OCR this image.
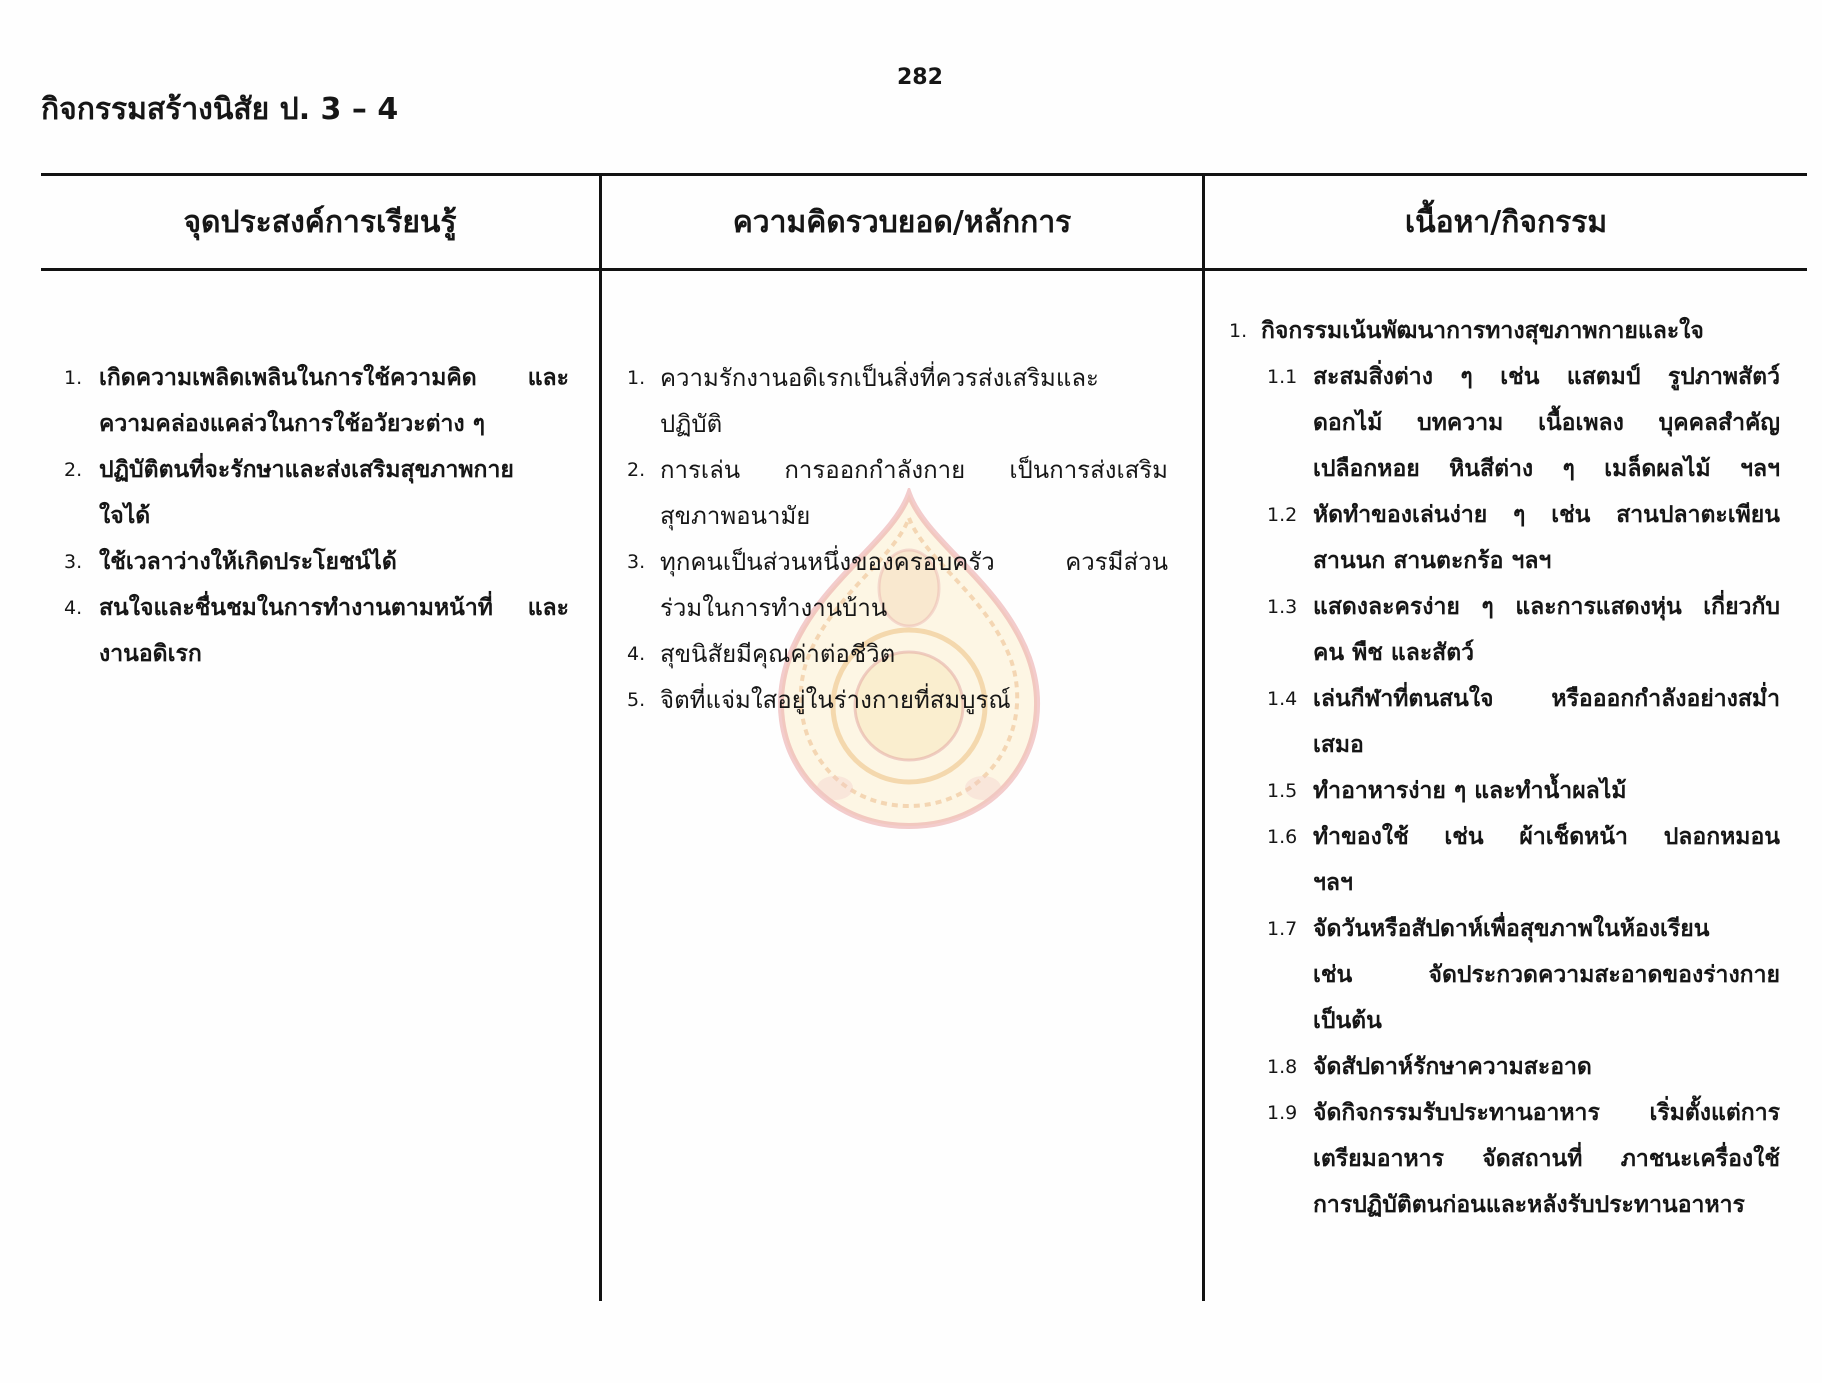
282
กิจกรรมสร้างนิสัย ป. 3 – 4
จุดประสงค์การเรียนรู้	ความคิดรวบยอด/หลักการ	เนื้อหา/กิจกรรม
1. เกิดความเพลิดเพลินในการใช้ความคิด และ
ความคล่องแคล่วในการใช้อวัยวะต่าง ๆ
2. ปฏิบัติตนที่จะรักษาและส่งเสริมสุขภาพกาย
ใจได้
3. ใช้เวลาว่างให้เกิดประโยชน์ได้
4. สนใจและชื่นชมในการทำงานตามหน้าที่ และ
งานอดิเรก
1. ความรักงานอดิเรกเป็นสิ่งที่ควรส่งเสริมและ
ปฏิบัติ
2. การเล่น การออกกำลังกาย เป็นการส่งเสริม
สุขภาพอนามัย
3. ทุกคนเป็นส่วนหนึ่งของครอบครัว ควรมีส่วน
ร่วมในการทำงานบ้าน
4. สุขนิสัยมีคุณค่าต่อชีวิต
5. จิตที่แจ่มใสอยู่ในร่างกายที่สมบูรณ์
1. กิจกรรมเน้นพัฒนาการทางสุขภาพกายและใจ
1.1 สะสมสิ่งต่าง ๆ เช่น แสตมป์ รูปภาพสัตว์
ดอกไม้ บทความ เนื้อเพลง บุคคลสำคัญ
เปลือกหอย หินสีต่าง ๆ เมล็ดผลไม้ ฯลฯ
1.2 หัดทำของเล่นง่าย ๆ เช่น สานปลาตะเพียน
สานนก สานตะกร้อ ฯลฯ
1.3 แสดงละครง่าย ๆ และการแสดงหุ่น เกี่ยวกับ
คน พืช และสัตว์
1.4 เล่นกีฬาที่ตนสนใจ หรือออกกำลังอย่างสม่ำ
เสมอ
1.5 ทำอาหารง่าย ๆ และทำน้ำผลไม้
1.6 ทำของใช้ เช่น ผ้าเช็ดหน้า ปลอกหมอน
ฯลฯ
1.7 จัดวันหรือสัปดาห์เพื่อสุขภาพในห้องเรียน
เช่น จัดประกวดความสะอาดของร่างกาย
เป็นต้น
1.8 จัดสัปดาห์รักษาความสะอาด
1.9 จัดกิจกรรมรับประทานอาหาร เริ่มตั้งแต่การ
เตรียมอาหาร จัดสถานที่ ภาชนะเครื่องใช้
การปฏิบัติตนก่อนและหลังรับประทานอาหาร
